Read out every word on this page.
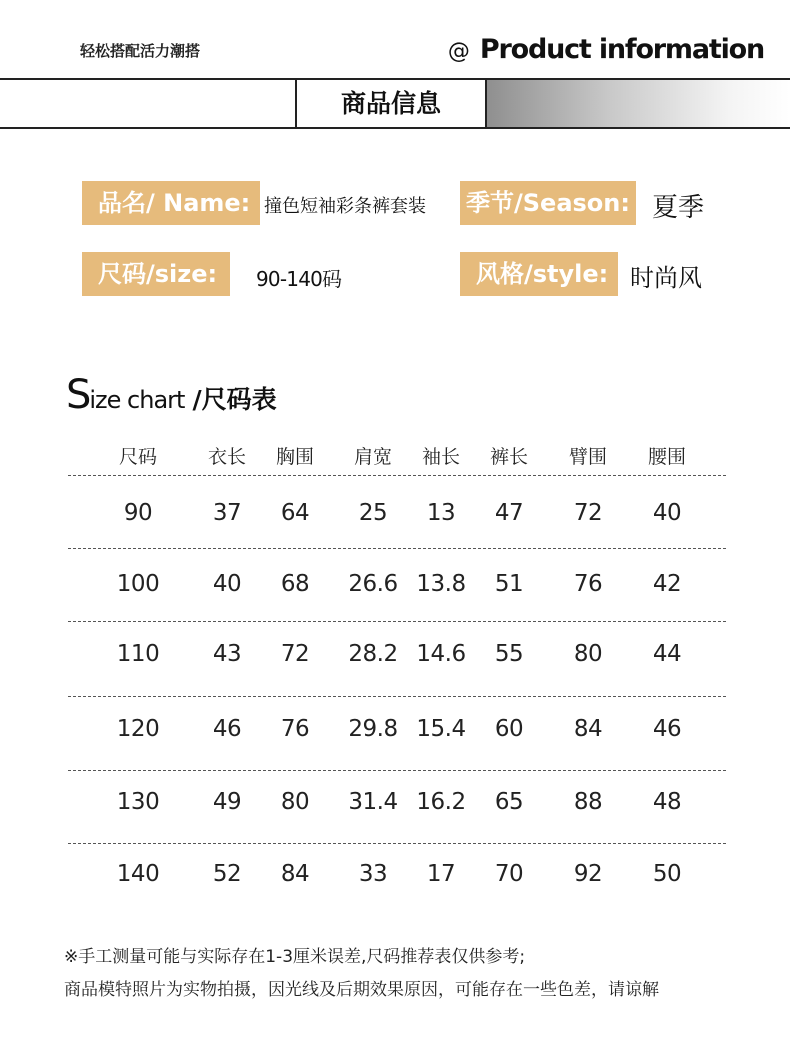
轻松搭配活力潮搭	@ Product information
商品信息
品名/ Name: 撞色短袖彩条裤套装 季节/Season: 夏季
尺码/size:	90-140码	风格/style: 时尚风
Size chart /尺码表
尺码	衣长 胸围 肩宽 袖长 裤长 臂围 腰围
90	37 64 25 13 47 72 40
100 40 68 26.6 13.8 51 76 42
110 43 72 28.2 14.6 55 80 44
120 46 76 29.8 15.4 60 84 46
130 49 80 31.4 16.2 65 88 48
140 52 84 33 17 70 92 50
※手工测量可能与实际存在1-3厘米误差,尺码推荐表仅供参考;
商品模特照片为实物拍摄，因光线及后期效果原因，可能存在一些色差，请谅解
